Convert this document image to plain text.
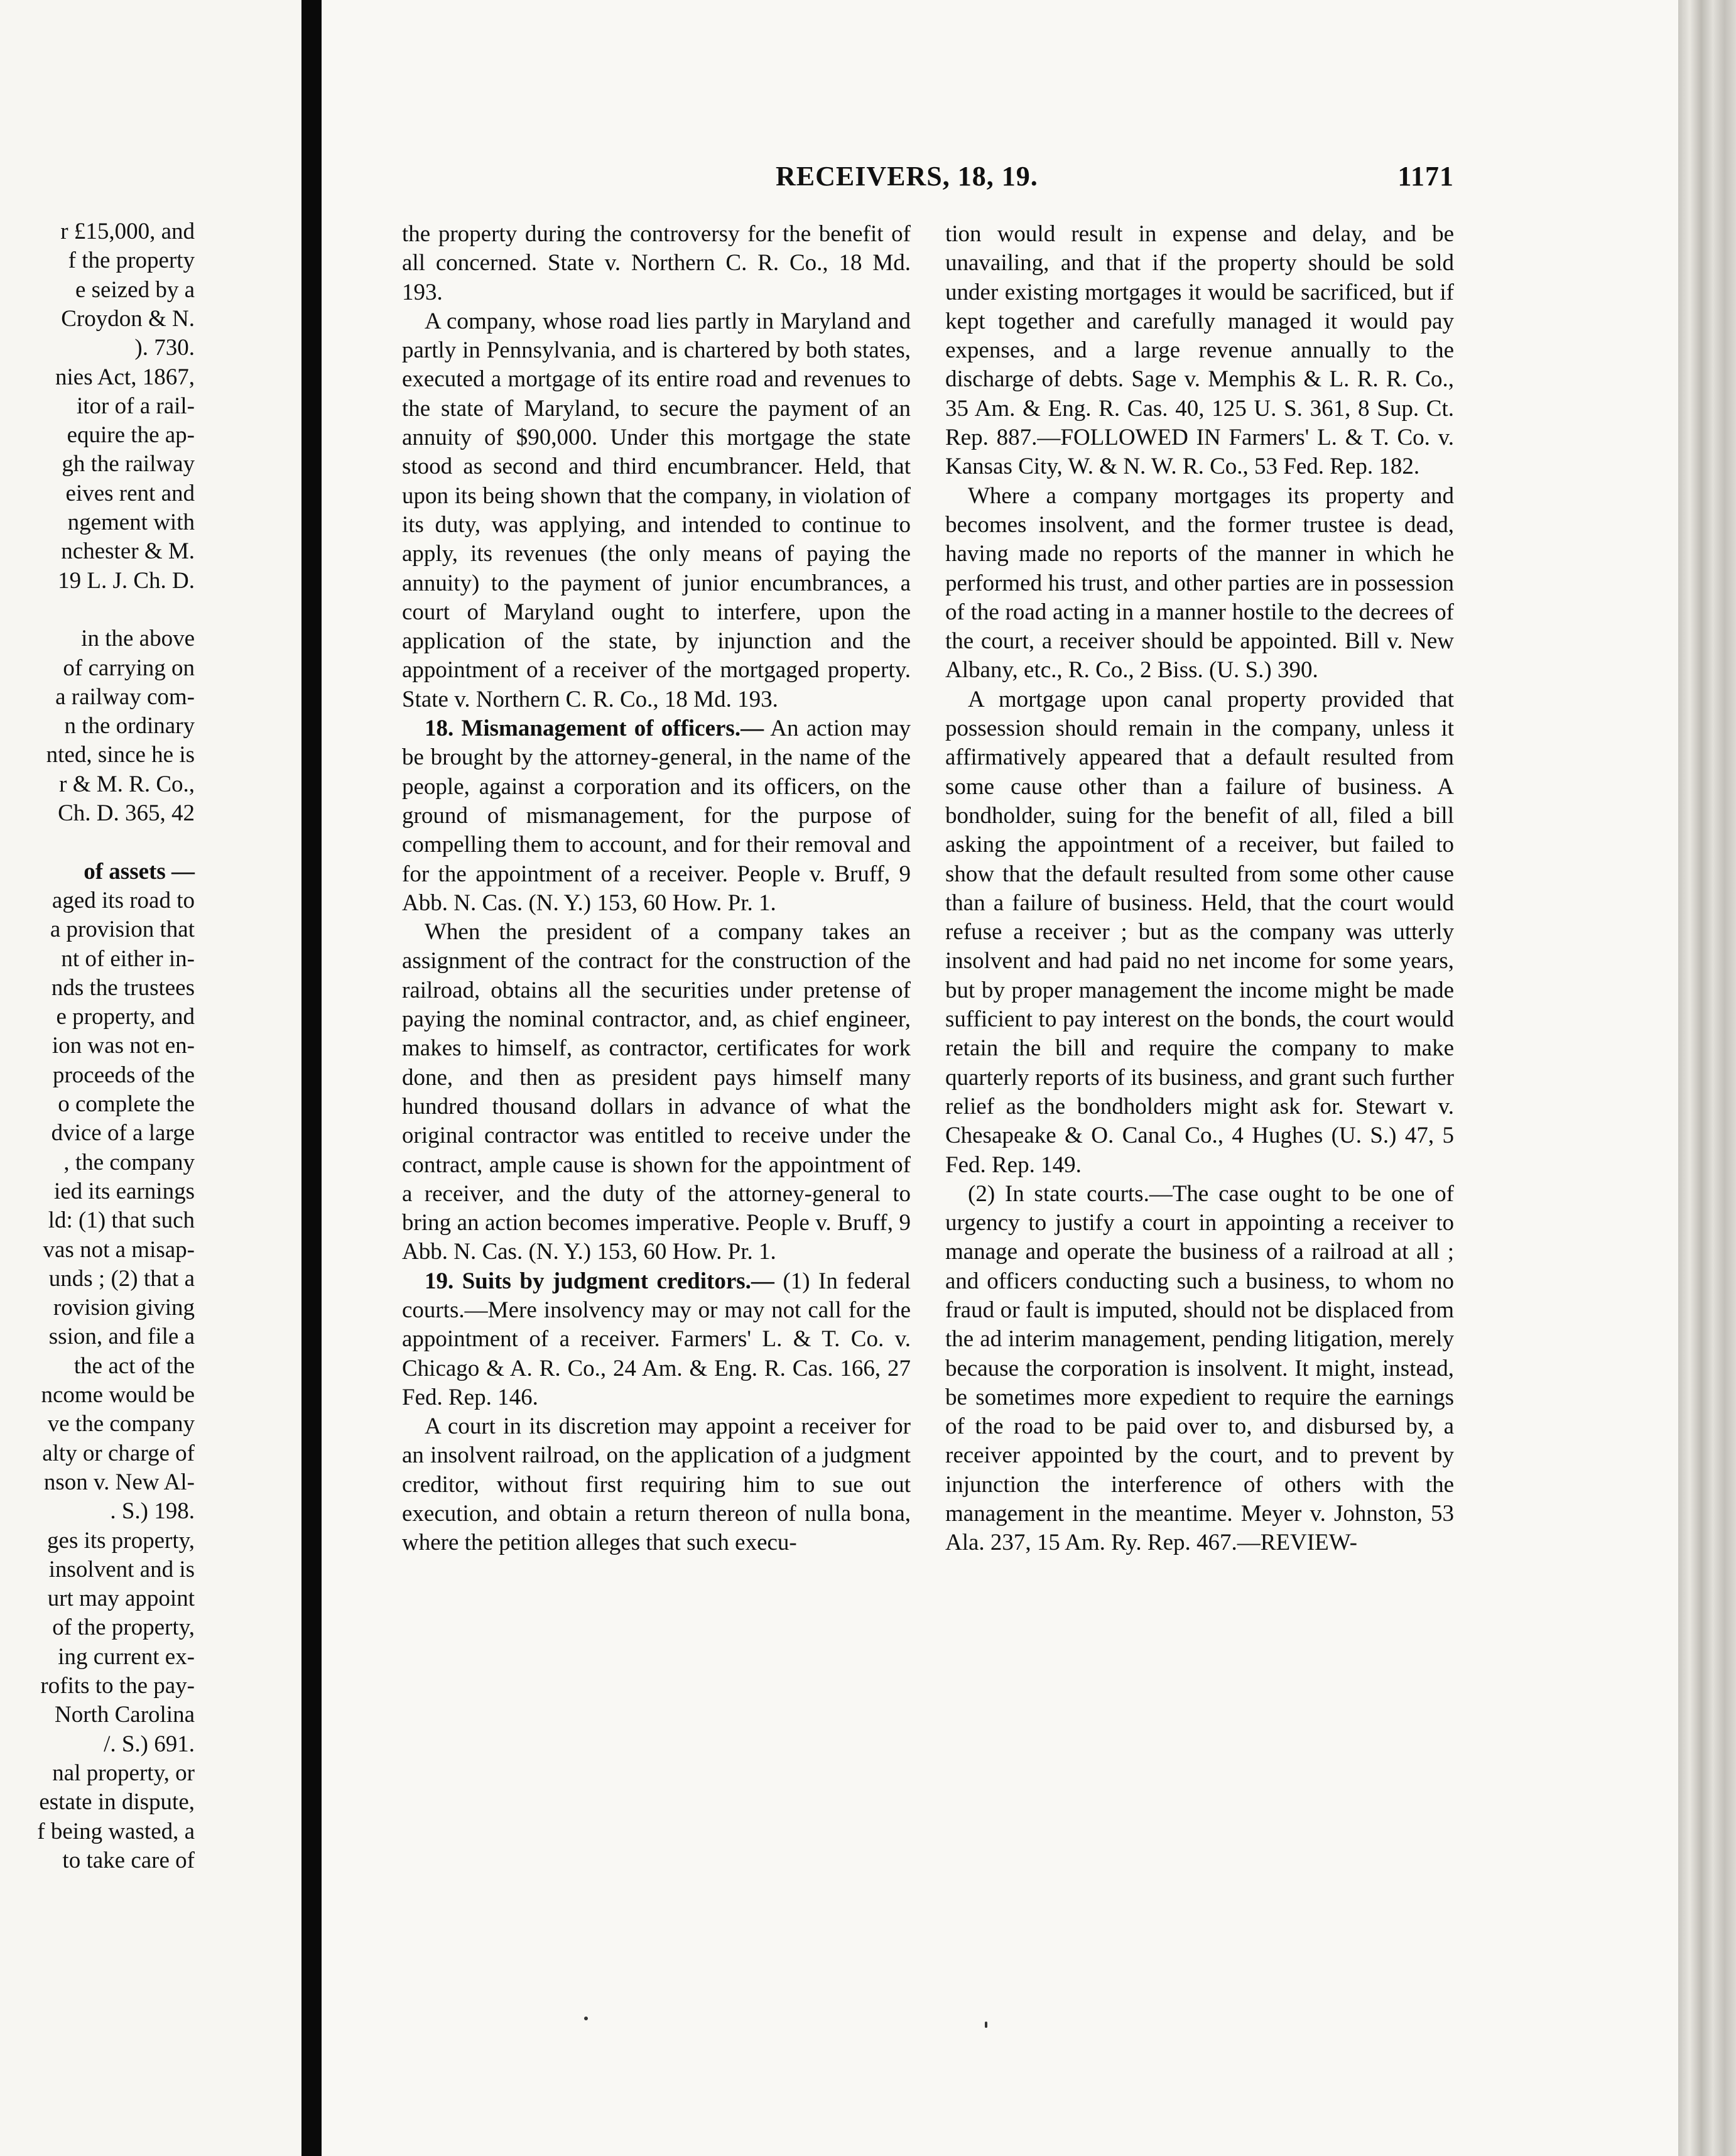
r £15,000, and
f the property
e seized by a
Croydon & N.
). 730.
nies Act, 1867,
itor of a rail-
equire the ap-
gh the railway
eives rent and
ngement with
nchester & M.
19 L. J. Ch. D.
in the above
of carrying on
a railway com-
n the ordinary
nted, since he is
r & M. R. Co.,
Ch. D. 365, 42
of assets —
aged its road to
a provision that
nt of either in-
nds the trustees
e property, and
ion was not en-
proceeds of the
o complete the
dvice of a large
, the company
ied its earnings
ld: (1) that such
vas not a misap-
unds ; (2) that a
rovision giving
ssion, and file a
the act of the
ncome would be
ve the company
alty or charge of
nson v. New Al-
. S.) 198.
ges its property,
insolvent and is
urt may appoint
of the property,
ing current ex-
rofits to the pay-
North Carolina
/. S.) 691.
nal property, or
estate in dispute,
f being wasted, a
to take care of
RECEIVERS, 18, 19.	1171

the property during the controversy for the benefit of all concerned. State v. Northern C. R. Co., 18 Md. 193.

A company, whose road lies partly in Maryland and partly in Pennsylvania, and is chartered by both states, executed a mortgage of its entire road and revenues to the state of Maryland, to secure the payment of an annuity of $90,000. Under this mortgage the state stood as second and third encumbrancer. Held, that upon its being shown that the company, in violation of its duty, was applying, and intended to continue to apply, its revenues (the only means of paying the annuity) to the payment of junior encumbrances, a court of Maryland ought to interfere, upon the application of the state, by injunction and the appointment of a receiver of the mortgaged property. State v. Northern C. R. Co., 18 Md. 193.

18. Mismanagement of officers.— An action may be brought by the attorney-general, in the name of the people, against a corporation and its officers, on the ground of mismanagement, for the purpose of compelling them to account, and for their removal and for the appointment of a receiver. People v. Bruff, 9 Abb. N. Cas. (N. Y.) 153, 60 How. Pr. 1.

When the president of a company takes an assignment of the contract for the construction of the railroad, obtains all the securities under pretense of paying the nominal contractor, and, as chief engineer, makes to himself, as contractor, certificates for work done, and then as president pays himself many hundred thousand dollars in advance of what the original contractor was entitled to receive under the contract, ample cause is shown for the appointment of a receiver, and the duty of the attorney-general to bring an action becomes imperative. People v. Bruff, 9 Abb. N. Cas. (N. Y.) 153, 60 How. Pr. 1.

19. Suits by judgment creditors.— (1) In federal courts.—Mere insolvency may or may not call for the appointment of a receiver. Farmers' L. & T. Co. v. Chicago & A. R. Co., 24 Am. & Eng. R. Cas. 166, 27 Fed. Rep. 146.

A court in its discretion may appoint a receiver for an insolvent railroad, on the application of a judgment creditor, without first requiring him to sue out execution, and obtain a return thereon of nulla bona, where the petition alleges that such execu-

tion would result in expense and delay, and be unavailing, and that if the property should be sold under existing mortgages it would be sacrificed, but if kept together and carefully managed it would pay expenses, and a large revenue annually to the discharge of debts. Sage v. Memphis & L. R. R. Co., 35 Am. & Eng. R. Cas. 40, 125 U. S. 361, 8 Sup. Ct. Rep. 887.—FOLLOWED IN Farmers' L. & T. Co. v. Kansas City, W. & N. W. R. Co., 53 Fed. Rep. 182.

Where a company mortgages its property and becomes insolvent, and the former trustee is dead, having made no reports of the manner in which he performed his trust, and other parties are in possession of the road acting in a manner hostile to the decrees of the court, a receiver should be appointed. Bill v. New Albany, etc., R. Co., 2 Biss. (U. S.) 390.

A mortgage upon canal property provided that possession should remain in the company, unless it affirmatively appeared that a default resulted from some cause other than a failure of business. A bondholder, suing for the benefit of all, filed a bill asking the appointment of a receiver, but failed to show that the default resulted from some other cause than a failure of business. Held, that the court would refuse a receiver ; but as the company was utterly insolvent and had paid no net income for some years, but by proper management the income might be made sufficient to pay interest on the bonds, the court would retain the bill and require the company to make quarterly reports of its business, and grant such further relief as the bondholders might ask for. Stewart v. Chesapeake & O. Canal Co., 4 Hughes (U. S.) 47, 5 Fed. Rep. 149.

(2) In state courts.—The case ought to be one of urgency to justify a court in appointing a receiver to manage and operate the business of a railroad at all ; and officers conducting such a business, to whom no fraud or fault is imputed, should not be displaced from the ad interim management, pending litigation, merely because the corporation is insolvent. It might, instead, be sometimes more expedient to require the earnings of the road to be paid over to, and disbursed by, a receiver appointed by the court, and to prevent by injunction the interference of others with the management in the meantime. Meyer v. Johnston, 53 Ala. 237, 15 Am. Ry. Rep. 467.—REVIEW-
